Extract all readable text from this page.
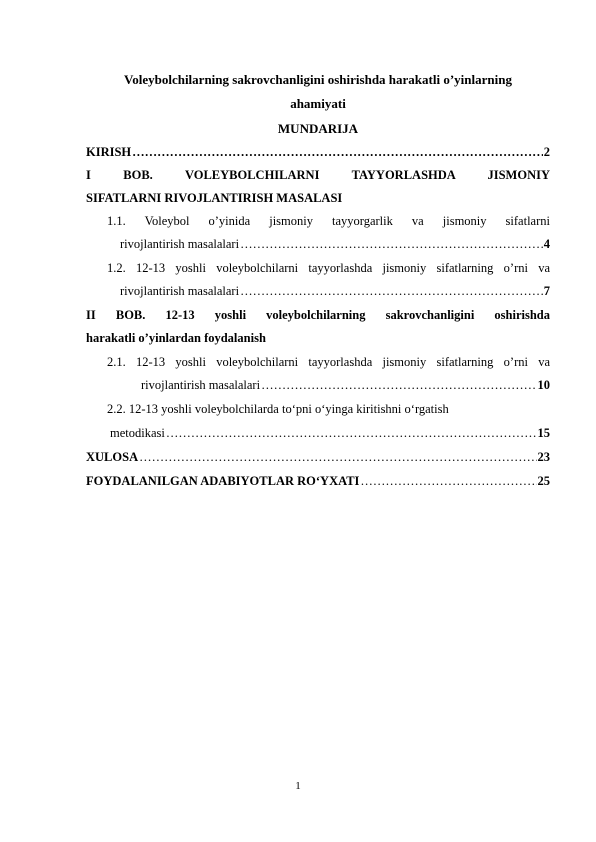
Voleybolchilarning sakrovchanligini oshirishda harakatli o’yinlarning
ahamiyati
MUNDARIJA
KIRISH ……………………………………………………………………………………………………………………………………………………………	2
I BOB. VOLEYBOLCHILARNI TAYYORLASHDA JISMONIY
SIFATLARNI RIVOJLANTIRISH MASALASI
1.1. Voleybol o’yinida jismoniy tayyorgarlik va jismoniy sifatlarni
rivojlantirish masalalari ……………………………………………………………………………………………………………………………………………………………	4
1.2. 12-13 yoshli voleybolchilarni tayyorlashda jismoniy sifatlarning o’rni va
rivojlantirish masalalari ……………………………………………………………………………………………………………………………………………………………	7
II BOB. 12-13 yoshli voleybolchilarning sakrovchanligini oshirishda
harakatli o’yinlardan foydalanish
2.1. 12-13 yoshli voleybolchilarni tayyorlashda jismoniy sifatlarning o’rni va
rivojlantirish masalalari ……………………………………………………………………………………………………………………………………………………………	10
2.2. 12-13 yoshli voleybolchilarda to‘pni o‘yinga kiritishni o‘rgatish
metodikasi ……………………………………………………………………………………………………………………………………………………………	15
XULOSA ……………………………………………………………………………………………………………………………………………………………	23
FOYDALANILGAN ADABIYOTLAR RO‘YXATI ……………………………………………………………………………………………………………………………………………………………	25
1
